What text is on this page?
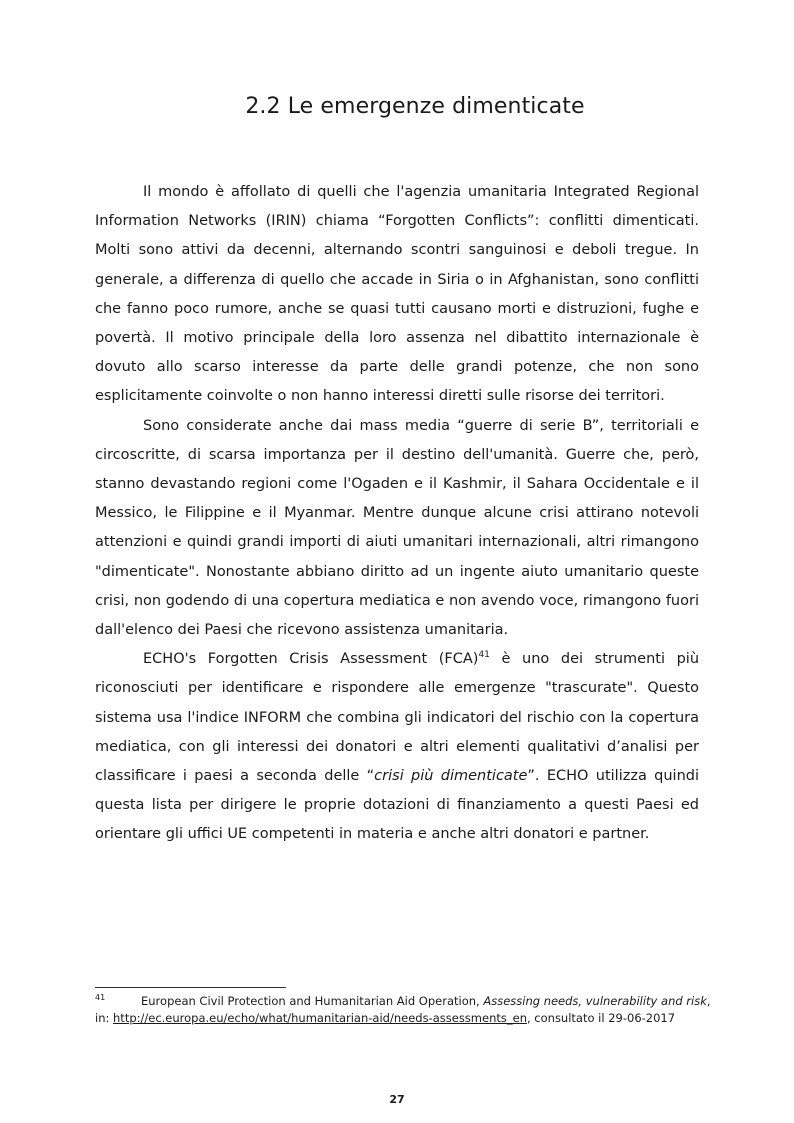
2.2 Le emergenze dimenticate

Il mondo è affollato di quelli che l'agenzia umanitaria Integrated Regional Information Networks (IRIN) chiama “Forgotten Conflicts”: conflitti dimenticati. Molti sono attivi da decenni, alternando scontri sanguinosi e deboli tregue. In generale, a differenza di quello che accade in Siria o in Afghanistan, sono conflitti che fanno poco rumore, anche se quasi tutti causano morti e distruzioni, fughe e povertà. Il motivo principale della loro assenza nel dibattito internazionale è dovuto allo scarso interesse da parte delle grandi potenze, che non sono esplicitamente coinvolte o non hanno interessi diretti sulle risorse dei territori.

Sono considerate anche dai mass media “guerre di serie B”, territoriali e circoscritte, di scarsa importanza per il destino dell'umanità. Guerre che, però, stanno devastando regioni come l'Ogaden e il Kashmir, il Sahara Occidentale e il Messico, le Filippine e il Myanmar. Mentre dunque alcune crisi attirano notevoli attenzioni e quindi grandi importi di aiuti umanitari internazionali, altri rimangono "dimenticate". Nonostante abbiano diritto ad un ingente aiuto umanitario queste crisi, non godendo di una copertura mediatica e non avendo voce, rimangono fuori dall'elenco dei Paesi che ricevono assistenza umanitaria.

ECHO's Forgotten Crisis Assessment (FCA)$^{41}$ è uno dei strumenti più riconosciuti per identificare e rispondere alle emergenze "trascurate". Questo sistema usa l'indice INFORM che combina gli indicatori del rischio con la copertura mediatica, con gli interessi dei donatori e altri elementi qualitativi d’analisi per classificare i paesi a seconda delle “crisi più dimenticate”. ECHO utilizza quindi questa lista per dirigere le proprie dotazioni di finanziamento a questi Paesi ed orientare gli uffici UE competenti in materia e anche altri donatori e partner.

41	European Civil Protection and Humanitarian Aid Operation, Assessing needs, vulnerability and risk, in: http://ec.europa.eu/echo/what/humanitarian-aid/needs-assessments_en, consultato il 29-06-2017
27
